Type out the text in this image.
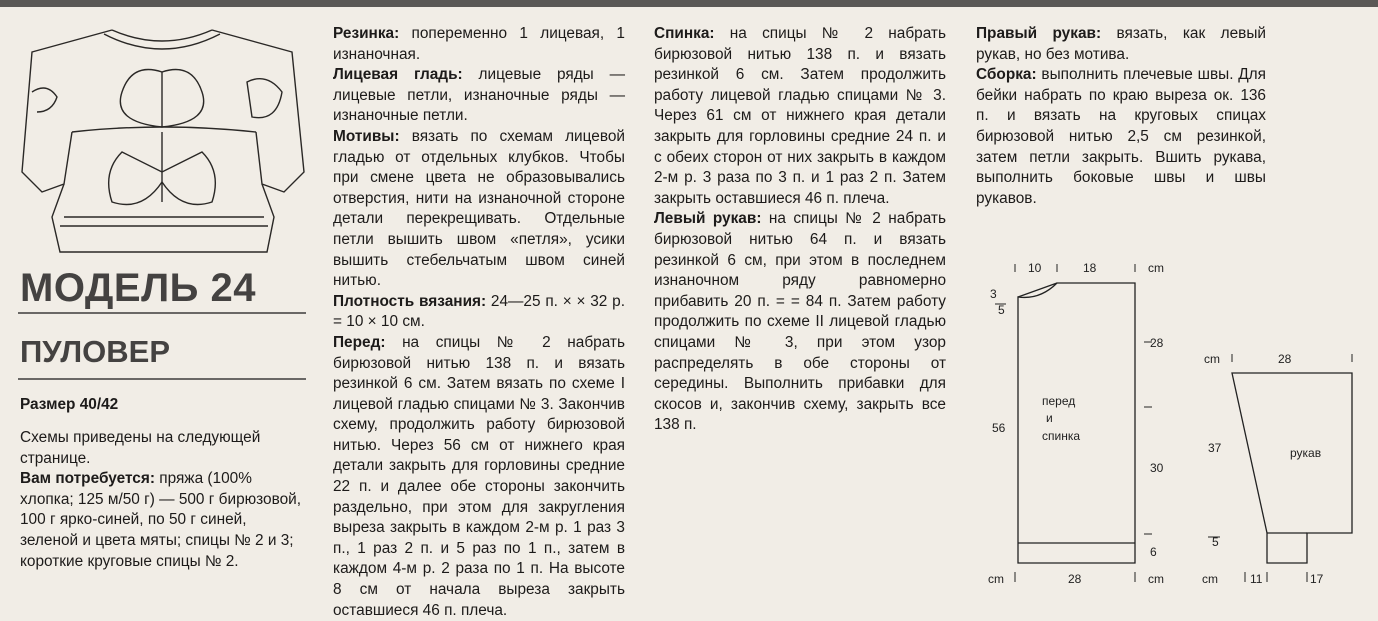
МОДЕЛЬ 24
ПУЛОВЕР
Размер 40/42

Схемы приведены на следующей странице.

Вам потребуется: пряжа (100% хлопка; 125 м/50 г) — 500 г бирюзовой, 100 г ярко-синей, по 50 г синей, зеленой и цвета мяты; спицы № 2 и 3; короткие круговые спицы № 2.

Резинка: попеременно 1 лицевая, 1 изнаночная.

Лицевая гладь: лицевые ряды — лицевые петли, изнаночные ряды — изнаночные петли.

Мотивы: вязать по схемам лицевой гладью от отдельных клубков. Чтобы при смене цвета не образовывались отверстия, нити на изнаночной стороне детали перекрещивать. Отдельные петли вышить швом «петля», усики вышить стебельчатым швом синей нитью.

Плотность вязания: 24—25 п. × × 32 р. = 10 × 10 см.

Перед: на спицы № 2 набрать бирюзовой нитью 138 п. и вязать резинкой 6 см. Затем вязать по схеме I лицевой гладью спицами № 3. Закончив схему, продолжить работу бирюзовой нитью. Через 56 см от нижнего края детали закрыть для горловины средние 22 п. и далее обе стороны закончить раздельно, при этом для закругления выреза закрыть в каждом 2-м р. 1 раз 3 п., 1 раз 2 п. и 5 раз по 1 п., затем в каждом 4-м р. 2 раза по 1 п. На высоте 8 см от начала выреза закрыть оставшиеся 46 п. плеча.

Спинка: на спицы № 2 набрать бирюзовой нитью 138 п. и вязать резинкой 6 см. Затем продолжить работу лицевой гладью спицами № 3. Через 61 см от нижнего края детали закрыть для горловины средние 24 п. и с обеих сторон от них закрыть в каждом 2-м р. 3 раза по 3 п. и 1 раз 2 п. Затем закрыть оставшиеся 46 п. плеча.

Левый рукав: на спицы № 2 набрать бирюзовой нитью 64 п. и вязать резинкой 6 см, при этом в последнем изнаночном ряду равномерно прибавить 20 п. = = 84 п. Затем работу продолжить по схеме II лицевой гладью спицами № 3, при этом узор распределять в обе стороны от середины. Выполнить прибавки для скосов и, закончив схему, закрыть все 138 п.

Правый рукав: вязать, как левый рукав, но без мотива.

Сборка: выполнить плечевые швы. Для бейки набрать по краю выреза ок. 136 п. и вязать на круговых спицах бирюзовой нитью 2,5 см резинкой, затем петли закрыть. Вшить рукава, выполнить боковые швы и швы рукавов.

10	18	cm
3
5
56
28
30
6
28
cm	cm
перед
и
спинка
cm	28
37	рукав
5
cm	11	17
